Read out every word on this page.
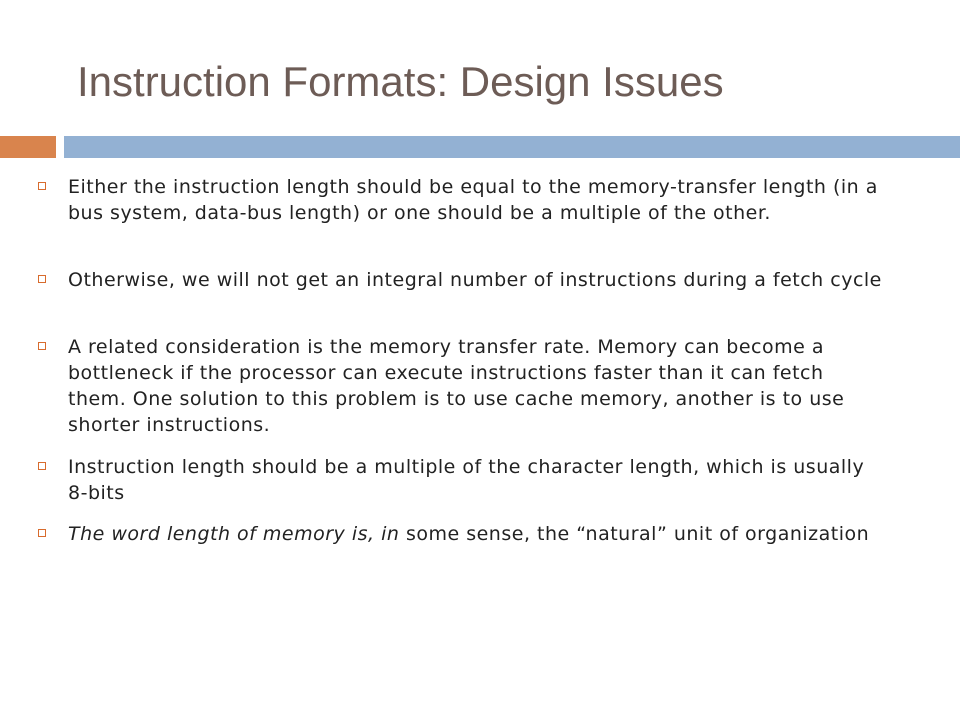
Instruction Formats: Design Issues
Either the instruction length should be equal to the memory-transfer length (in a bus system, data-bus length) or one should be a multiple of the other.
Otherwise, we will not get an integral number of instructions during a fetch cycle
A related consideration is the memory transfer rate. Memory can become a bottleneck if the processor can execute instructions faster than it can fetch them. One solution to this problem is to use cache memory, another is to use shorter instructions.
Instruction length should be a multiple of the character length, which is usually 8-bits
The word length of memory is, in some sense, the “natural” unit of organization
